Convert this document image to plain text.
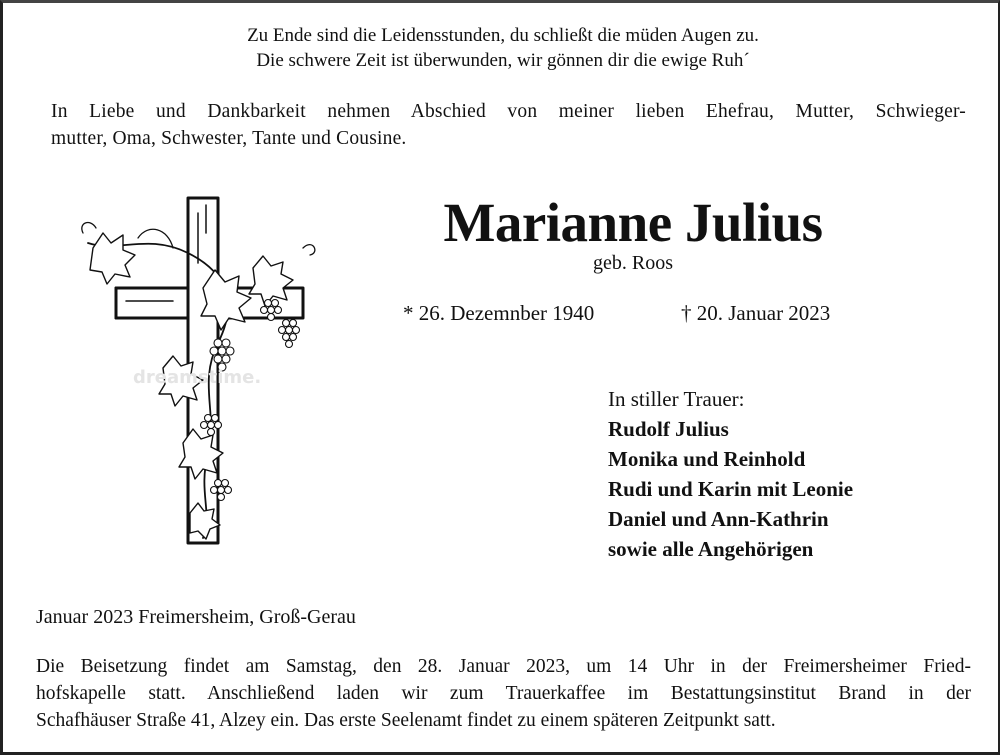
Zu Ende sind die Leidensstunden, du schließt die müden Augen zu.
Die schwere Zeit ist überwunden, wir gönnen dir die ewige Ruh´
In Liebe und Dankbarkeit nehmen Abschied von meiner lieben Ehefrau, Mutter, Schwieger-
mutter, Oma, Schwester, Tante und Cousine.
dreamstime.
Marianne Julius
geb. Roos
* 26. Dezemnber 1940	† 20. Januar 2023
In stiller Trauer:
Rudolf Julius
Monika und Reinhold
Rudi und Karin mit Leonie
Daniel und Ann-Kathrin
sowie alle Angehörigen
Januar 2023 Freimersheim, Groß-Gerau
Die Beisetzung findet am Samstag, den 28. Januar 2023, um 14 Uhr in der Freimersheimer Fried-
hofskapelle statt. Anschließend laden wir zum Trauerkaffee im Bestattungsinstitut Brand in der
Schafhäuser Straße 41, Alzey ein. Das erste Seelenamt findet zu einem späteren Zeitpunkt satt.
